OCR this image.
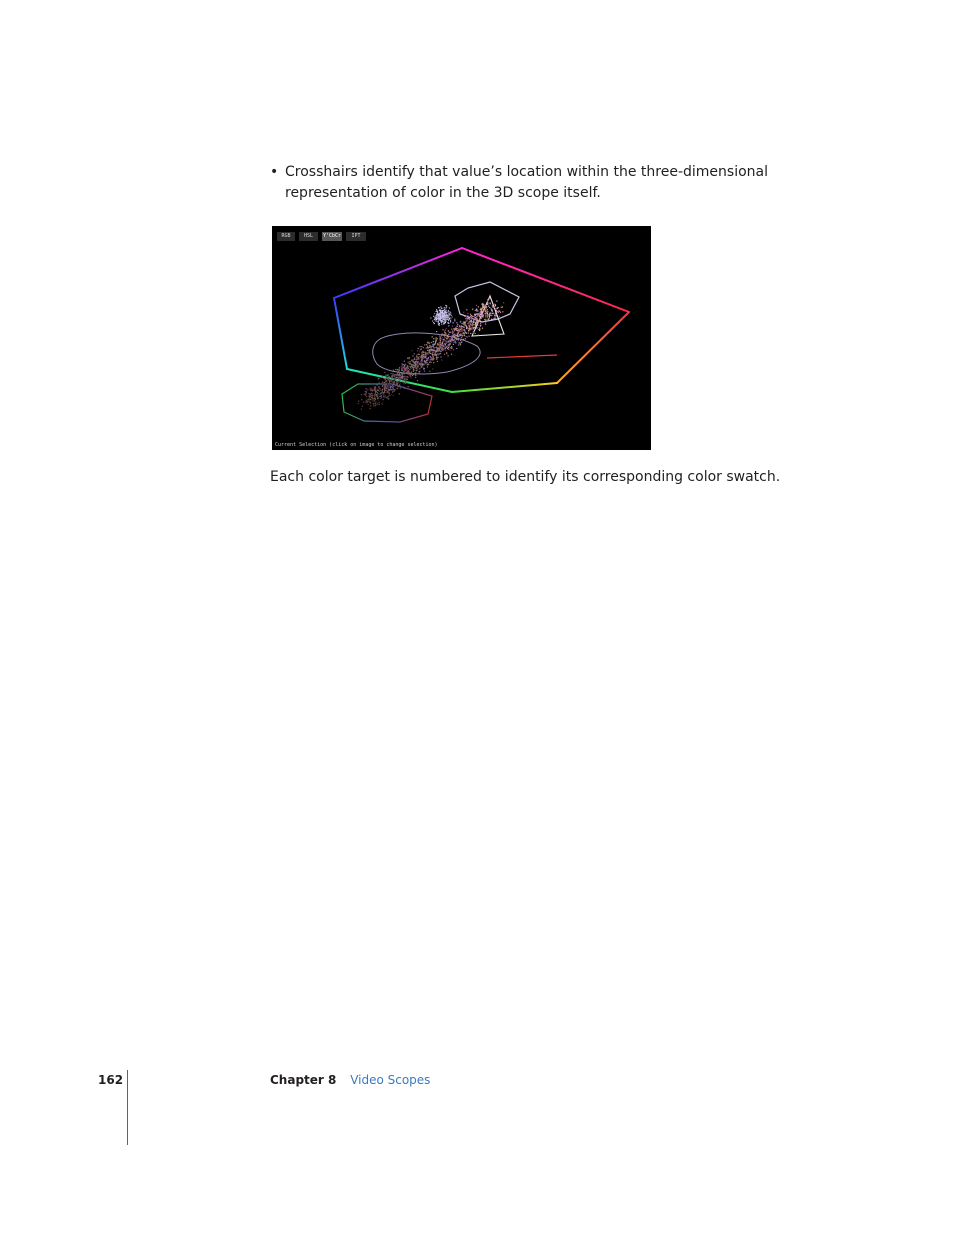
• Crosshairs identify that value’s location within the three-dimensional representation of color in the 3D scope itself.
RGB	HSL	Y'CbCr	IPT
Current Selection (click on image to change selection)
Each color target is numbered to identify its corresponding color swatch.
162	Chapter 8 Video Scopes
